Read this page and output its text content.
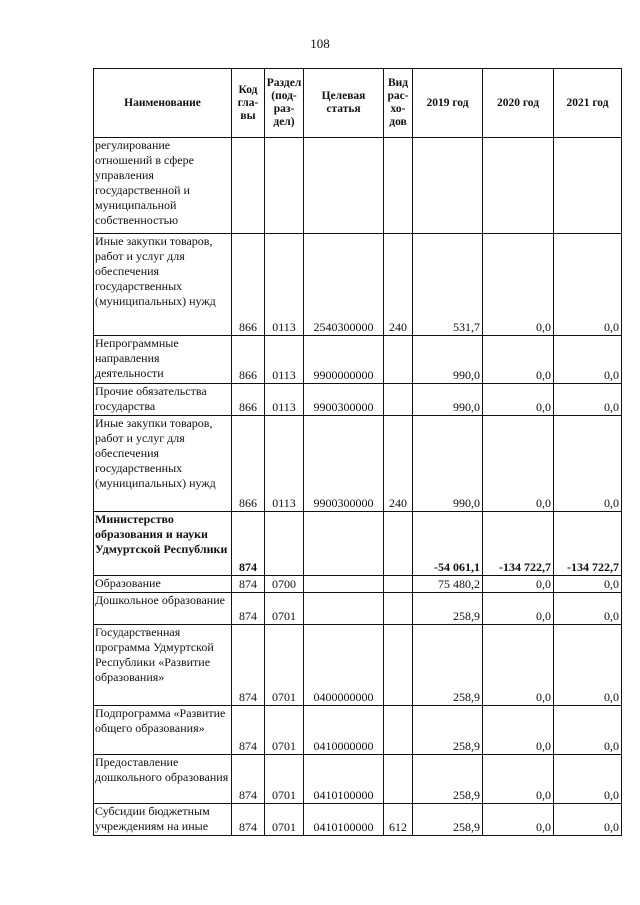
108
Наименование	Код гла- вы	Раздел (под- раз- дел)	Целевая статья	Вид рас- хо- дов	2019 год	2020 год	2021 год
регулирование отношений в сфере управления государственной и муниципальной собственностью							
Иные закупки товаров, работ и услуг для обеспечения государственных (муниципальных) нужд	866	0113	2540300000	240	531,7	0,0	0,0
Непрограммные направления деятельности	866	0113	9900000000		990,0	0,0	0,0
Прочие обязательства государства	866	0113	9900300000		990,0	0,0	0,0
Иные закупки товаров, работ и услуг для обеспечения государственных (муниципальных) нужд	866	0113	9900300000	240	990,0	0,0	0,0
Министерство образования и науки Удмуртской Республики	874				-54 061,1	-134 722,7	-134 722,7
Образование	874	0700			75 480,2	0,0	0,0
Дошкольное образование	874	0701			258,9	0,0	0,0
Государственная программа Удмуртской Республики «Развитие образования»	874	0701	0400000000		258,9	0,0	0,0
Подпрограмма «Развитие общего образования»	874	0701	0410000000		258,9	0,0	0,0
Предоставление дошкольного образования	874	0701	0410100000		258,9	0,0	0,0
Субсидии бюджетным учреждениям на иные	874	0701	0410100000	612	258,9	0,0	0,0
